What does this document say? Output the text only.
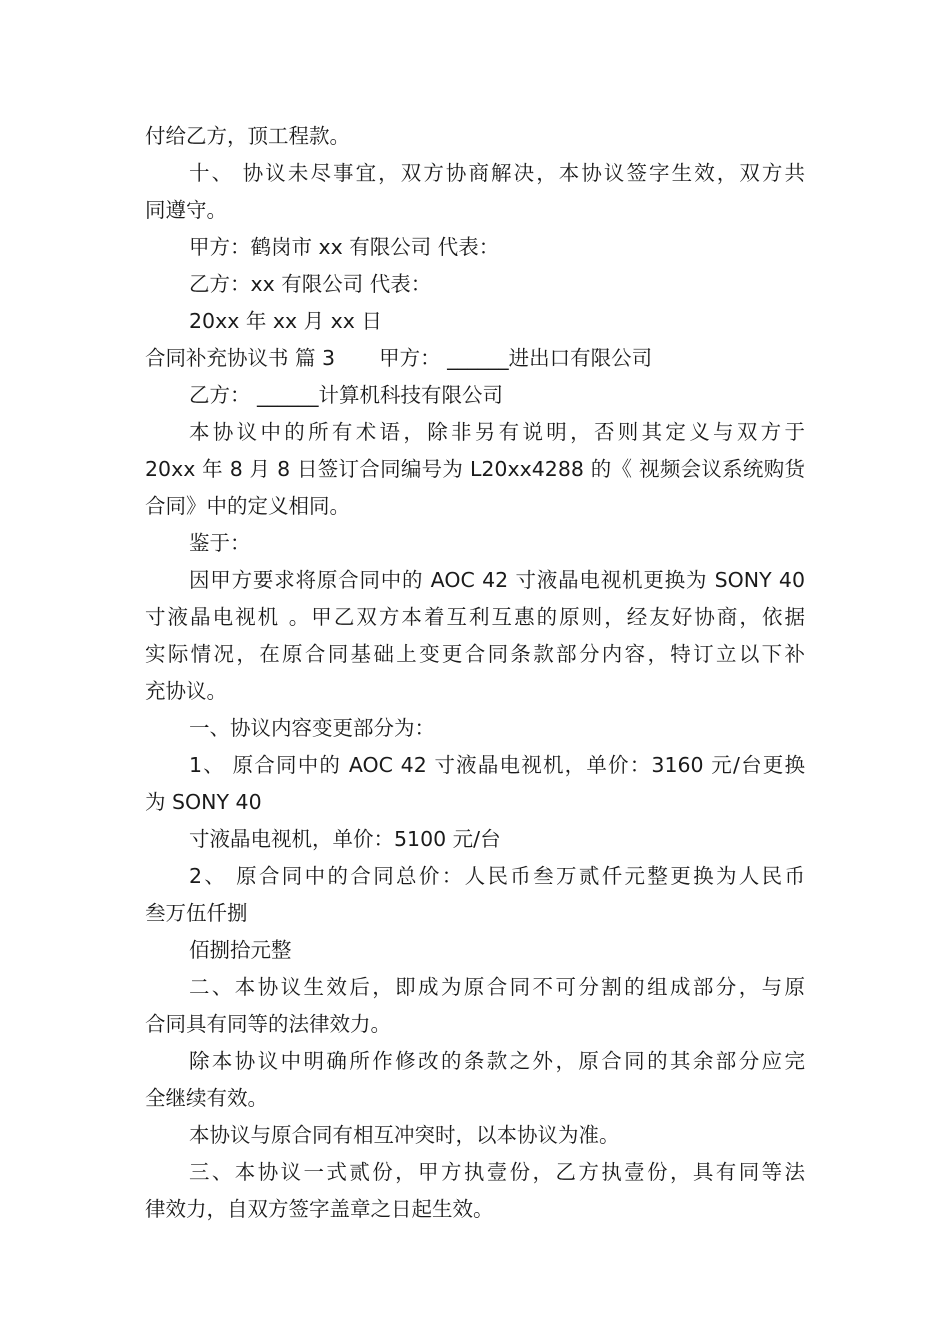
付给乙方，顶工程款。
十、 协议未尽事宜，双方协商解决，本协议签字生效，双方共
同遵守。
甲方：鹤岗市 xx 有限公司 代表：
乙方：xx 有限公司 代表：
20xx 年 xx 月 xx 日
合同补充协议书 篇 3 甲方： ______进出口有限公司
乙方： ______计算机科技有限公司
本协议中的所有术语，除非另有说明，否则其定义与双方于
20xx 年 8 月 8 日签订合同编号为 L20xx4288 的《 视频会议系统购货
合同》中的定义相同。
鉴于：
因甲方要求将原合同中的 AOC 42 寸液晶电视机更换为 SONY 40
寸液晶电视机 。甲乙双方本着互利互惠的原则，经友好协商，依据
实际情况，在原合同基础上变更合同条款部分内容，特订立以下补
充协议。
一、协议内容变更部分为：
1、 原合同中的 AOC 42 寸液晶电视机，单价：3160 元/台更换
为 SONY 40
寸液晶电视机，单价：5100 元/台
2、 原合同中的合同总价：人民币叁万贰仟元整更换为人民币
叁万伍仟捌
佰捌拾元整
二、本协议生效后，即成为原合同不可分割的组成部分，与原
合同具有同等的法律效力。
除本协议中明确所作修改的条款之外，原合同的其余部分应完
全继续有效。
本协议与原合同有相互冲突时，以本协议为准。
三、本协议一式贰份，甲方执壹份，乙方执壹份，具有同等法
律效力，自双方签字盖章之日起生效。
